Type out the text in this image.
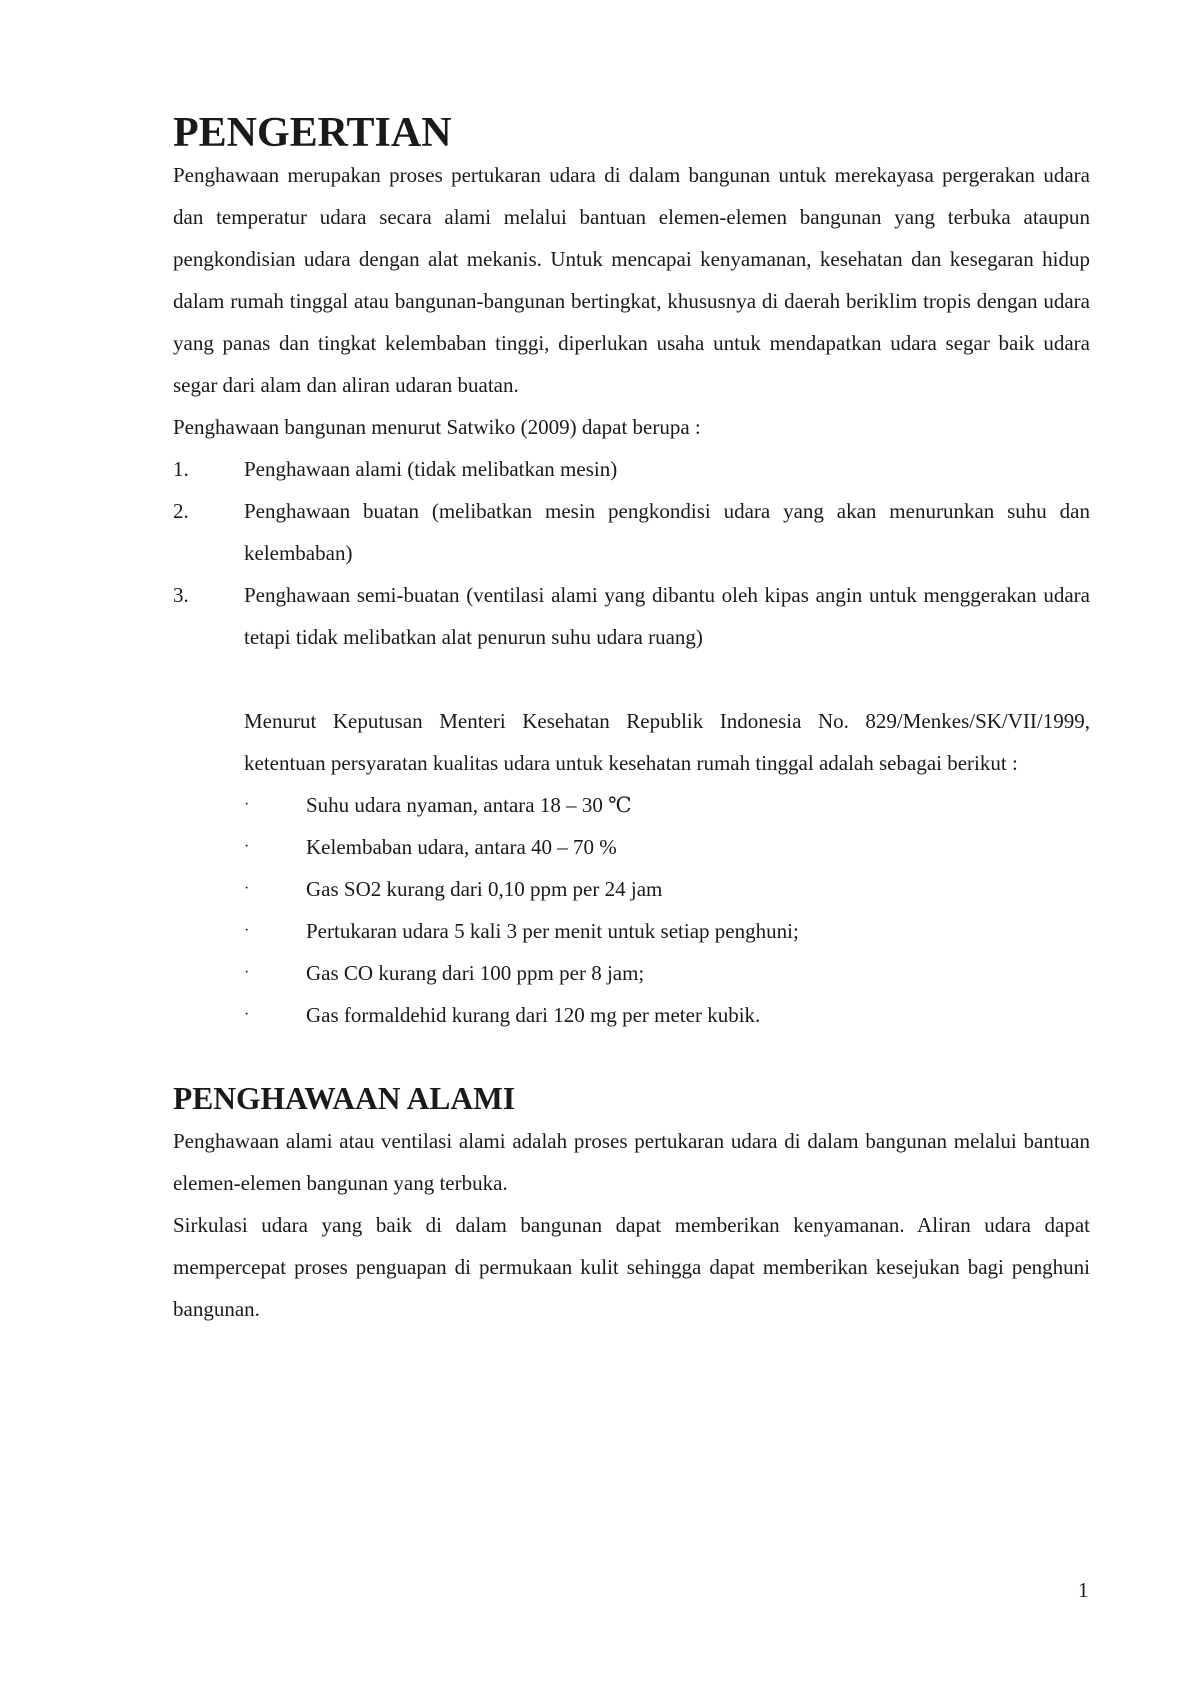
PENGERTIAN

Penghawaan merupakan proses pertukaran udara di dalam bangunan untuk merekayasa pergerakan udara dan temperatur udara secara alami melalui bantuan elemen-elemen bangunan yang terbuka ataupun pengkondisian udara dengan alat mekanis. Untuk mencapai kenyamanan, kesehatan dan kesegaran hidup dalam rumah tinggal atau bangunan-bangunan bertingkat, khususnya di daerah beriklim tropis dengan udara yang panas dan tingkat kelembaban tinggi, diperlukan usaha untuk mendapatkan udara segar baik udara segar dari alam dan aliran udaran buatan.

Penghawaan bangunan menurut Satwiko (2009) dapat berupa :

1.	Penghawaan alami (tidak melibatkan mesin)
2.	Penghawaan buatan (melibatkan mesin pengkondisi udara yang akan menurunkan suhu dan kelembaban)
3.	Penghawaan semi-buatan (ventilasi alami yang dibantu oleh kipas angin untuk menggerakan udara tetapi tidak melibatkan alat penurun suhu udara ruang)

Menurut Keputusan Menteri Kesehatan Republik Indonesia No. 829/Menkes/SK/VII/1999, ketentuan persyaratan kualitas udara untuk kesehatan rumah tinggal adalah sebagai berikut :

·	Suhu udara nyaman, antara 18 – 30 ℃
·	Kelembaban udara, antara 40 – 70 %
·	Gas SO2 kurang dari 0,10 ppm per 24 jam
·	Pertukaran udara 5 kali 3 per menit untuk setiap penghuni;
·	Gas CO kurang dari 100 ppm per 8 jam;
·	Gas formaldehid kurang dari 120 mg per meter kubik.
PENGHAWAAN ALAMI

Penghawaan alami atau ventilasi alami adalah proses pertukaran udara di dalam bangunan melalui bantuan elemen-elemen bangunan yang terbuka.

Sirkulasi udara yang baik di dalam bangunan dapat memberikan kenyamanan. Aliran udara dapat mempercepat proses penguapan di permukaan kulit sehingga dapat memberikan kesejukan bagi penghuni bangunan.

1
